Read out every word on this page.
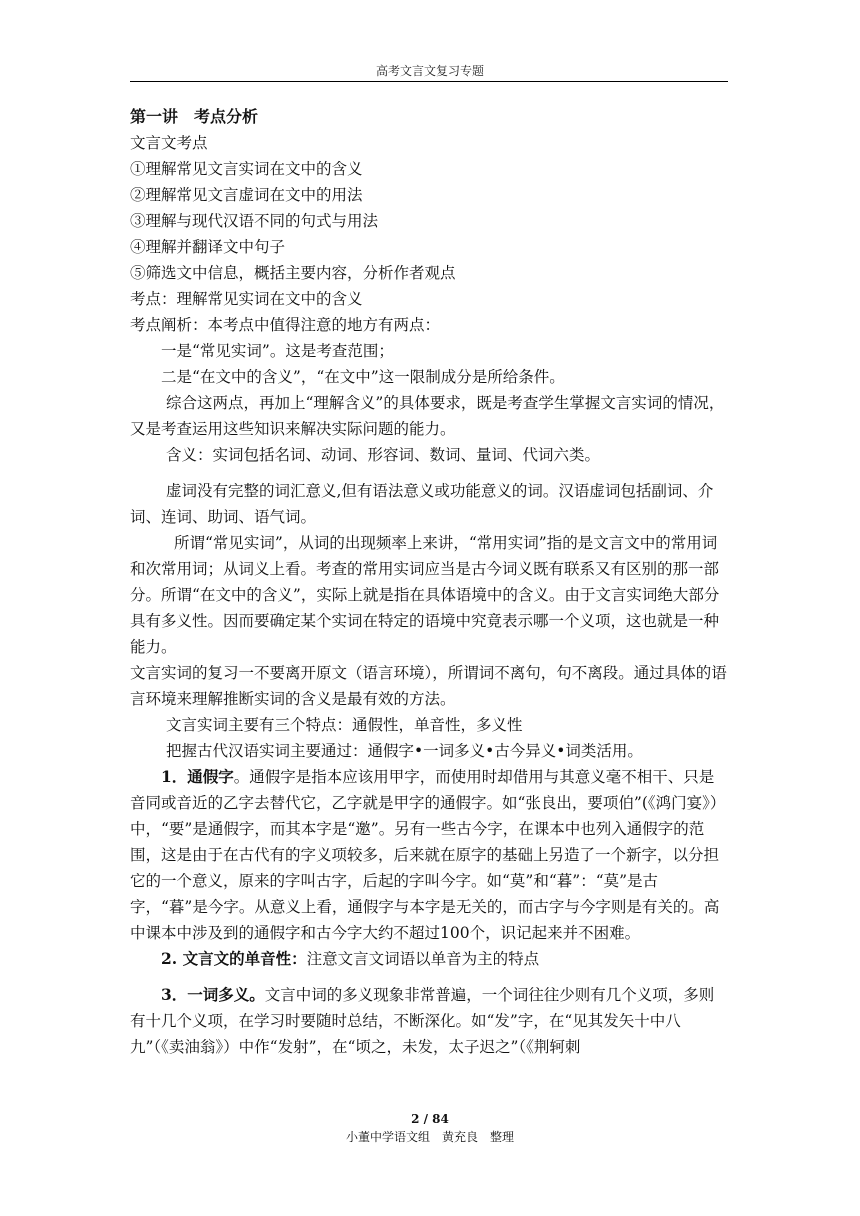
高考文言文复习专题

第一讲　考点分析

文言文考点

①理解常见文言实词在文中的含义

②理解常见文言虚词在文中的用法

③理解与现代汉语不同的句式与用法

④理解并翻译文中句子

⑤筛选文中信息，概括主要内容，分析作者观点

考点：理解常见实词在文中的含义

考点阐析：本考点中值得注意的地方有两点：

一是“常见实词”。这是考查范围；

二是“在文中的含义”，“在文中”这一限制成分是所给条件。

综合这两点，再加上“理解含义”的具体要求，既是考查学生掌握文言实词的情况，又是考查运用这些知识来解决实际问题的能力。

含义：实词包括名词、动词、形容词、数词、量词、代词六类。

虚词没有完整的词汇意义,但有语法意义或功能意义的词。汉语虚词包括副词、介词、连词、助词、语气词。

所谓“常见实词”，从词的出现频率上来讲，“常用实词”指的是文言文中的常用词和次常用词；从词义上看。考查的常用实词应当是古今词义既有联系又有区别的那一部分。所谓“在文中的含义”，实际上就是指在具体语境中的含义。由于文言实词绝大部分具有多义性。因而要确定某个实词在特定的语境中究竟表示哪一个义项，这也就是一种能力。

文言实词的复习一不要离开原文（语言环境），所谓词不离句，句不离段。通过具体的语言环境来理解推断实词的含义是最有效的方法。

文言实词主要有三个特点：通假性，单音性，多义性

把握古代汉语实词主要通过：通假字•一词多义•古今异义•词类活用。

1．通假字。通假字是指本应该用甲字，而使用时却借用与其意义毫不相干、只是音同或音近的乙字去替代它，乙字就是甲字的通假字。如“张良出，要项伯”(《鸿门宴》）中，“要”是通假字，而其本字是“邀”。另有一些古今字，在课本中也列入通假字的范围，这是由于在古代有的字义项较多，后来就在原字的基础上另造了一个新字，以分担它的一个意义，原来的字叫古字，后起的字叫今字。如“莫”和“暮”：“莫”是古字，“暮”是今字。从意义上看，通假字与本字是无关的，而古字与今字则是有关的。高中课本中涉及到的通假字和古今字大约不超过100个，识记起来并不困难。

2. 文言文的单音性：注意文言文词语以单音为主的特点

3．一词多义。文言中词的多义现象非常普遍，一个词往往少则有几个义项，多则有十几个义项，在学习时要随时总结，不断深化。如“发”字，在“见其发矢十中八九”（《卖油翁》）中作“发射”，在“顷之，未发，太子迟之”（《荆轲刺

2 / 84
小董中学语文组　黄充良　整理
